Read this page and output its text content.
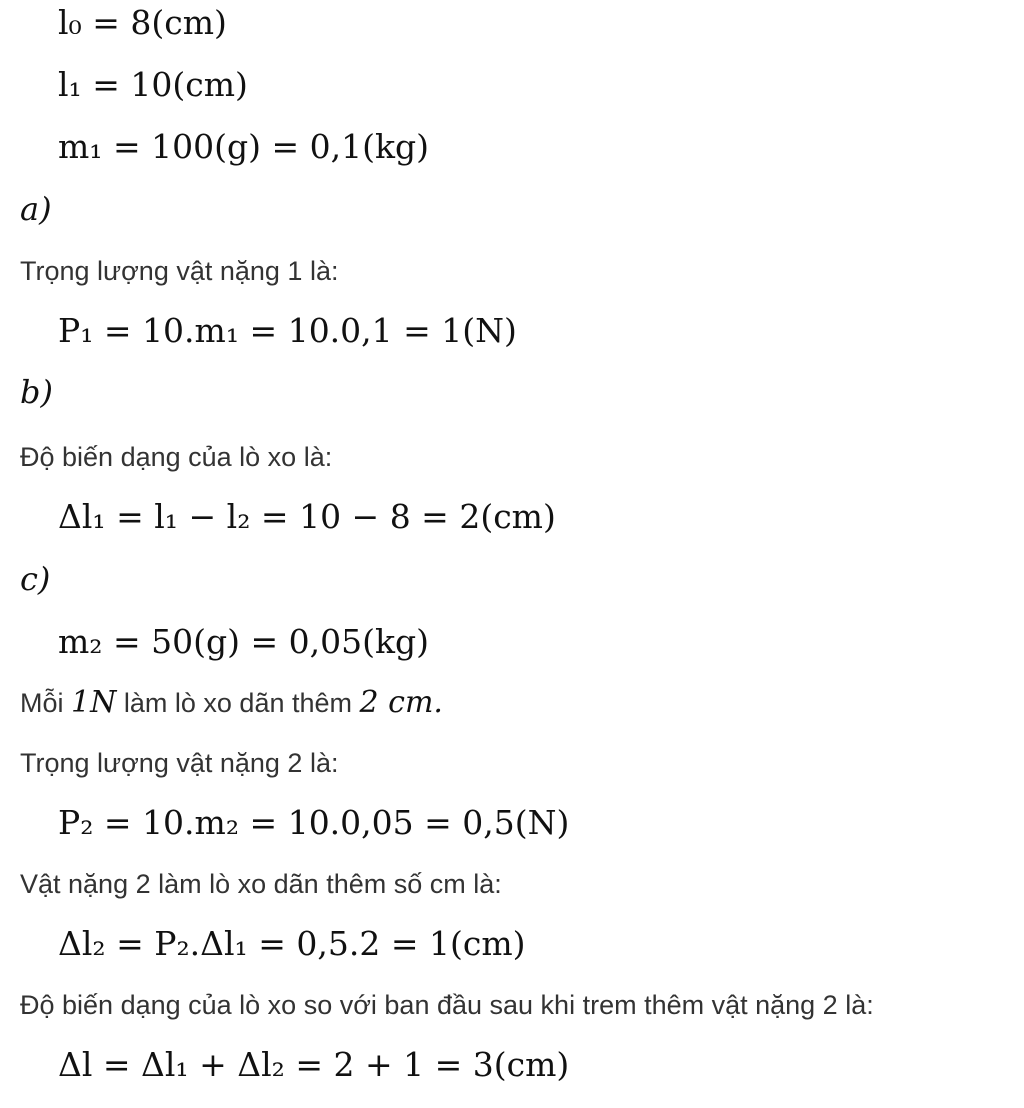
l₀ = 8(cm)
l₁ = 10(cm)
m₁ = 100(g) = 0,1(kg)
a)
Trọng lượng vật nặng 1 là:
P₁ = 10.m₁ = 10.0,1 = 1(N)
b)
Độ biến dạng của lò xo là:
Δl₁ = l₁ − l₂ = 10 − 8 = 2(cm)
c)
m₂ = 50(g) = 0,05(kg)
Mỗi 1N làm lò xo dãn thêm 2 cm.
Trọng lượng vật nặng 2 là:
P₂ = 10.m₂ = 10.0,05 = 0,5(N)
Vật nặng 2 làm lò xo dãn thêm số cm là:
Δl₂ = P₂.Δl₁ = 0,5.2 = 1(cm)
Độ biến dạng của lò xo so với ban đầu sau khi trem thêm vật nặng 2 là:
Δl = Δl₁ + Δl₂ = 2 + 1 = 3(cm)
